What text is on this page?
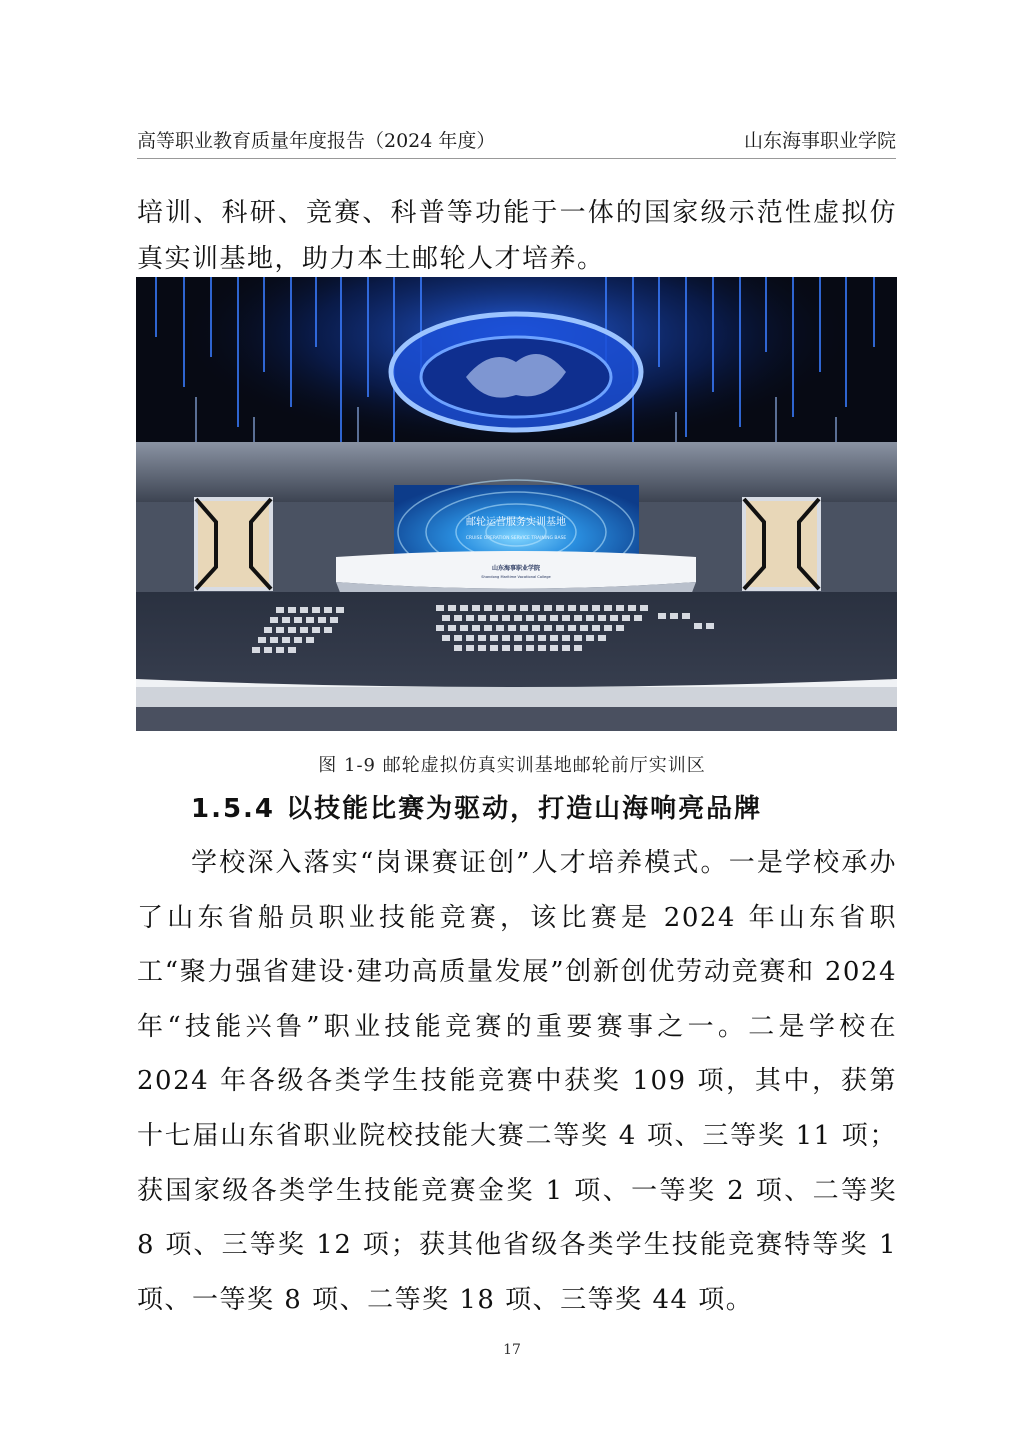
高等职业教育质量年度报告（2024 年度）	山东海事职业学院
培训、科研、竞赛、科普等功能于一体的国家级示范性虚拟仿真实训基地，助力本土邮轮人才培养。
邮轮运营服务实训基地
CRUISE OPERATION SERVICE TRAINING BASE
山东海事职业学院
Shandong Maritime Vocational College
图 1-9 邮轮虚拟仿真实训基地邮轮前厅实训区
1.5.4 以技能比赛为驱动，打造山海响亮品牌
学校深入落实“岗课赛证创”人才培养模式。一是学校承办了山东省船员职业技能竞赛，该比赛是 2024 年山东省职工“聚力强省建设·建功高质量发展”创新创优劳动竞赛和 2024 年“技能兴鲁”职业技能竞赛的重要赛事之一。二是学校在 2024 年各级各类学生技能竞赛中获奖 109 项，其中，获第十七届山东省职业院校技能大赛二等奖 4 项、三等奖 11 项；获国家级各类学生技能竞赛金奖 1 项、一等奖 2 项、二等奖 8 项、三等奖 12 项；获其他省级各类学生技能竞赛特等奖 1 项、一等奖 8 项、二等奖 18 项、三等奖 44 项。
17
